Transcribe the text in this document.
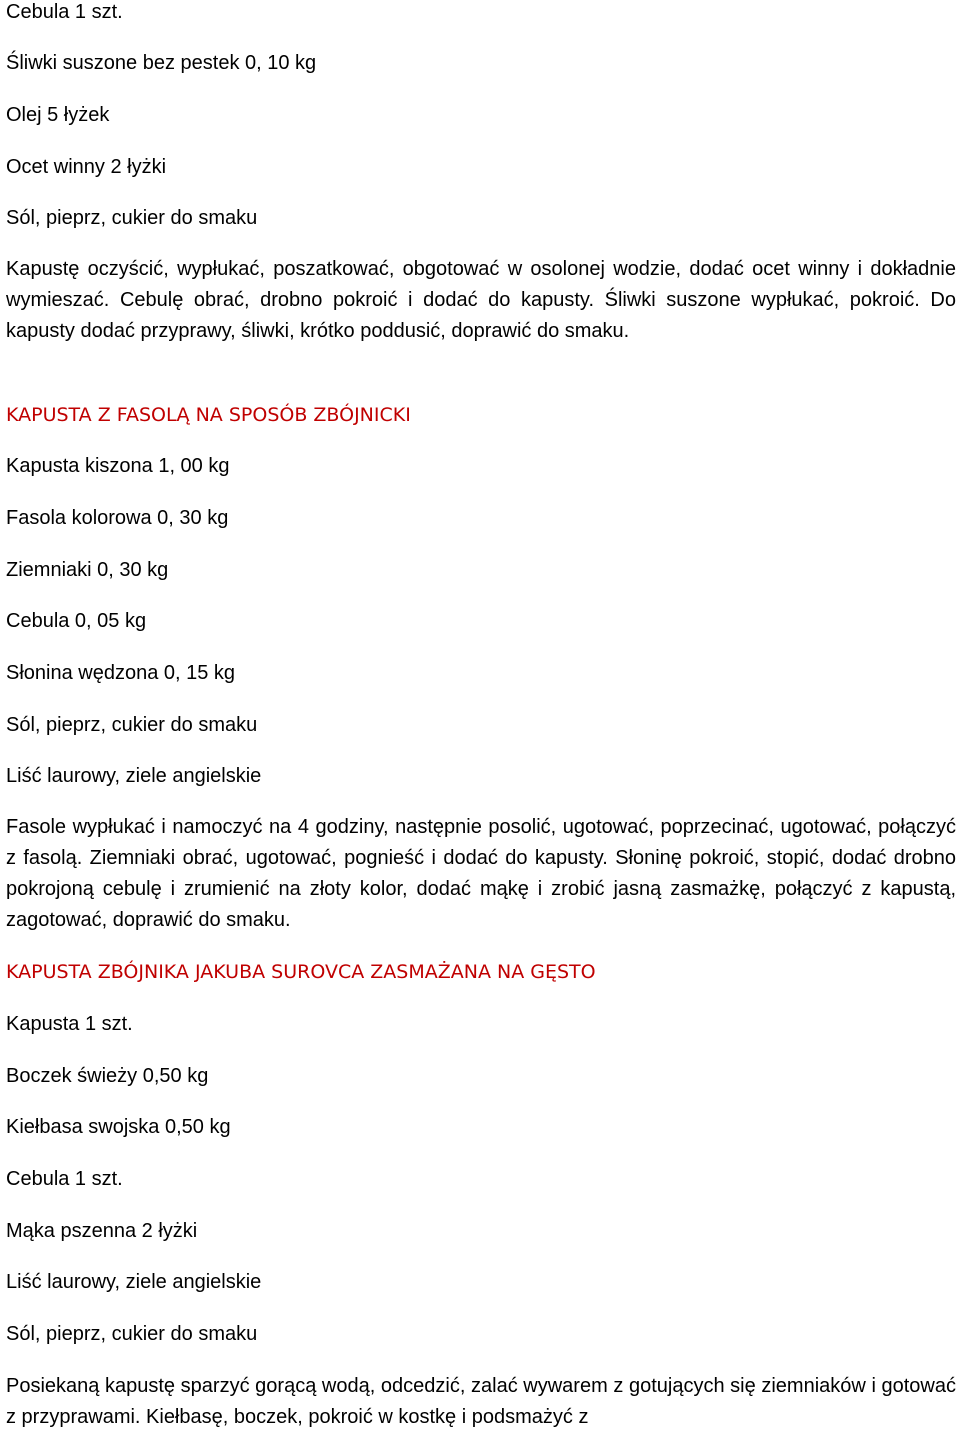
Cebula 1 szt.

Śliwki suszone bez pestek 0, 10 kg

Olej 5 łyżek

Ocet winny 2 łyżki

Sól, pieprz, cukier do smaku

Kapustę oczyścić, wypłukać, poszatkować, obgotować w osolonej wodzie, dodać ocet winny i dokładnie wymieszać. Cebulę obrać, drobno pokroić i dodać do kapusty. Śliwki suszone wypłukać, pokroić. Do kapusty dodać przyprawy, śliwki, krótko poddusić, doprawić do smaku.

KAPUSTA Z FASOLĄ NA SPOSÓB ZBÓJNICKI

Kapusta kiszona 1, 00 kg

Fasola kolorowa 0, 30 kg

Ziemniaki 0, 30 kg

Cebula 0, 05 kg

Słonina wędzona 0, 15 kg

Sól, pieprz, cukier do smaku

Liść laurowy, ziele angielskie

Fasole wypłukać i namoczyć na 4 godziny, następnie posolić, ugotować, poprzecinać, ugotować, połączyć z fasolą. Ziemniaki obrać, ugotować, pognieść i dodać do kapusty. Słoninę pokroić, stopić, dodać drobno pokrojoną cebulę i zrumienić na złoty kolor, dodać mąkę i zrobić jasną zasmażkę, połączyć z kapustą, zagotować, doprawić do smaku.

KAPUSTA ZBÓJNIKA JAKUBA SUROVCA ZASMAŻANA NA GĘSTO

Kapusta 1 szt.

Boczek świeży 0,50 kg

Kiełbasa swojska 0,50 kg

Cebula 1 szt.

Mąka pszenna 2 łyżki

Liść laurowy, ziele angielskie

Sól, pieprz, cukier do smaku

Posiekaną kapustę sparzyć gorącą wodą, odcedzić, zalać wywarem z gotujących się ziemniaków i gotować z przyprawami. Kiełbasę, boczek, pokroić w kostkę i podsmażyć z
